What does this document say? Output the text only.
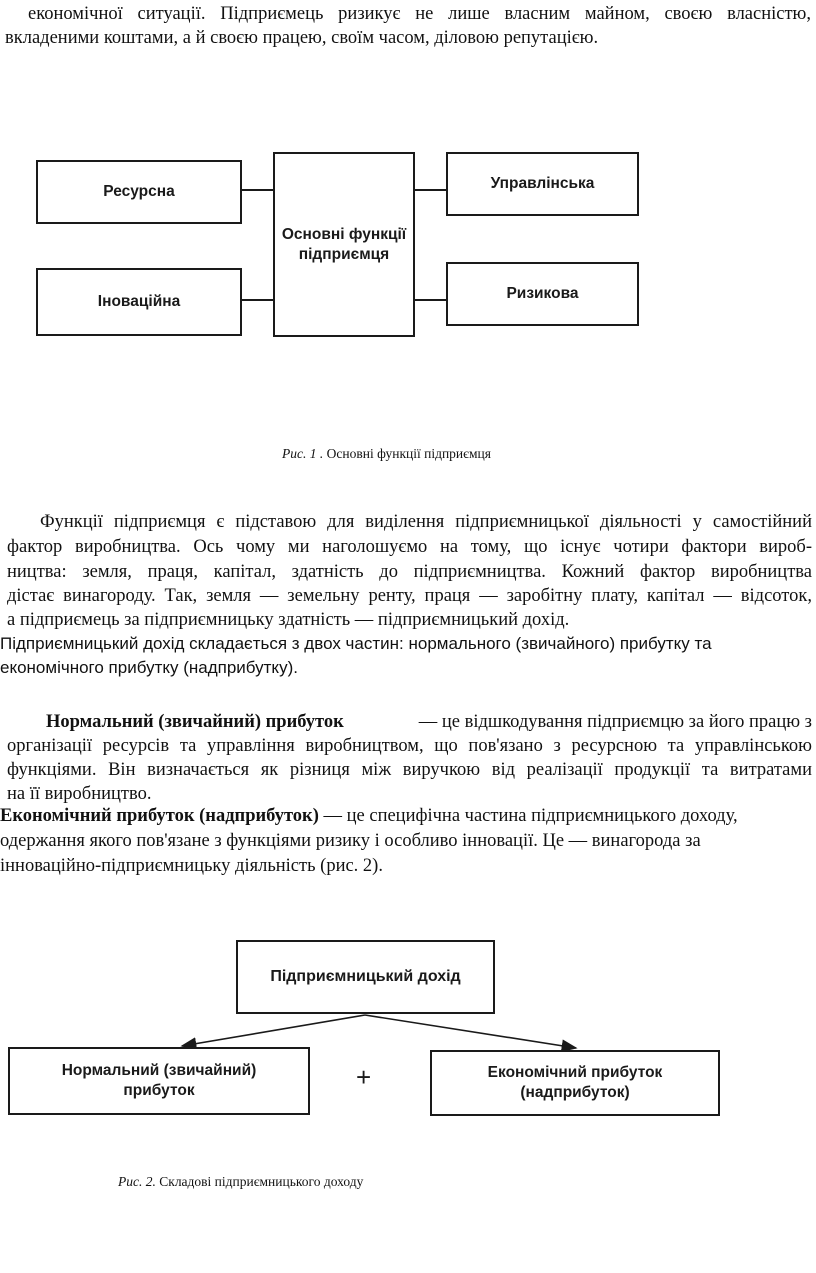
економічної ситуації. Підприємець ризикує не лише власним майном, своєю власністю,
вкладеними коштами, а й своєю працею, своїм часом, діловою репутацією.
Ресурсна	Управлінська
Іноваційна	Ризикова
Основні функції підприємця
Рис. 1 . Основні функції підприємця
Функції підприємця є підставою для виділення підприємницької діяльності у самостійний
фактор виробництва. Ось чому ми наголошуємо на тому, що існує чотири фактори вироб-
ництва: земля, праця, капітал, здатність до підприємництва. Кожний фактор виробництва
дістає винагороду. Так, земля — земельну ренту, праця — заробітну плату, капітал — відсоток,
а підприємець за підприємницьку здатність — підприємницький дохід.
Підприємницький дохід складається з двох частин: нормального (звичайного) прибутку та
економічного прибутку (надприбутку).
Нормальний (звичайний) прибуток	— це відшкодування підприємцю за його працю з
організації ресурсів та управління виробництвом, що пов'язано з ресурсною та управлінською
функціями. Він визначається як різниця між виручкою від реалізації продукції та витратами
на її виробництво.
Економічний прибуток (надприбуток) — це специфічна частина підприємницького доходу,
одержання якого пов'язане з функціями ризику і особливо інновації. Це — винагорода за
інноваційно-підприємницьку діяльність (рис. 2).
Підприємницький дохід
Нормальний (звичайний)
прибуток	+	Економічний прибуток
(надприбуток)
Рис. 2. Складові підприємницького доходу
